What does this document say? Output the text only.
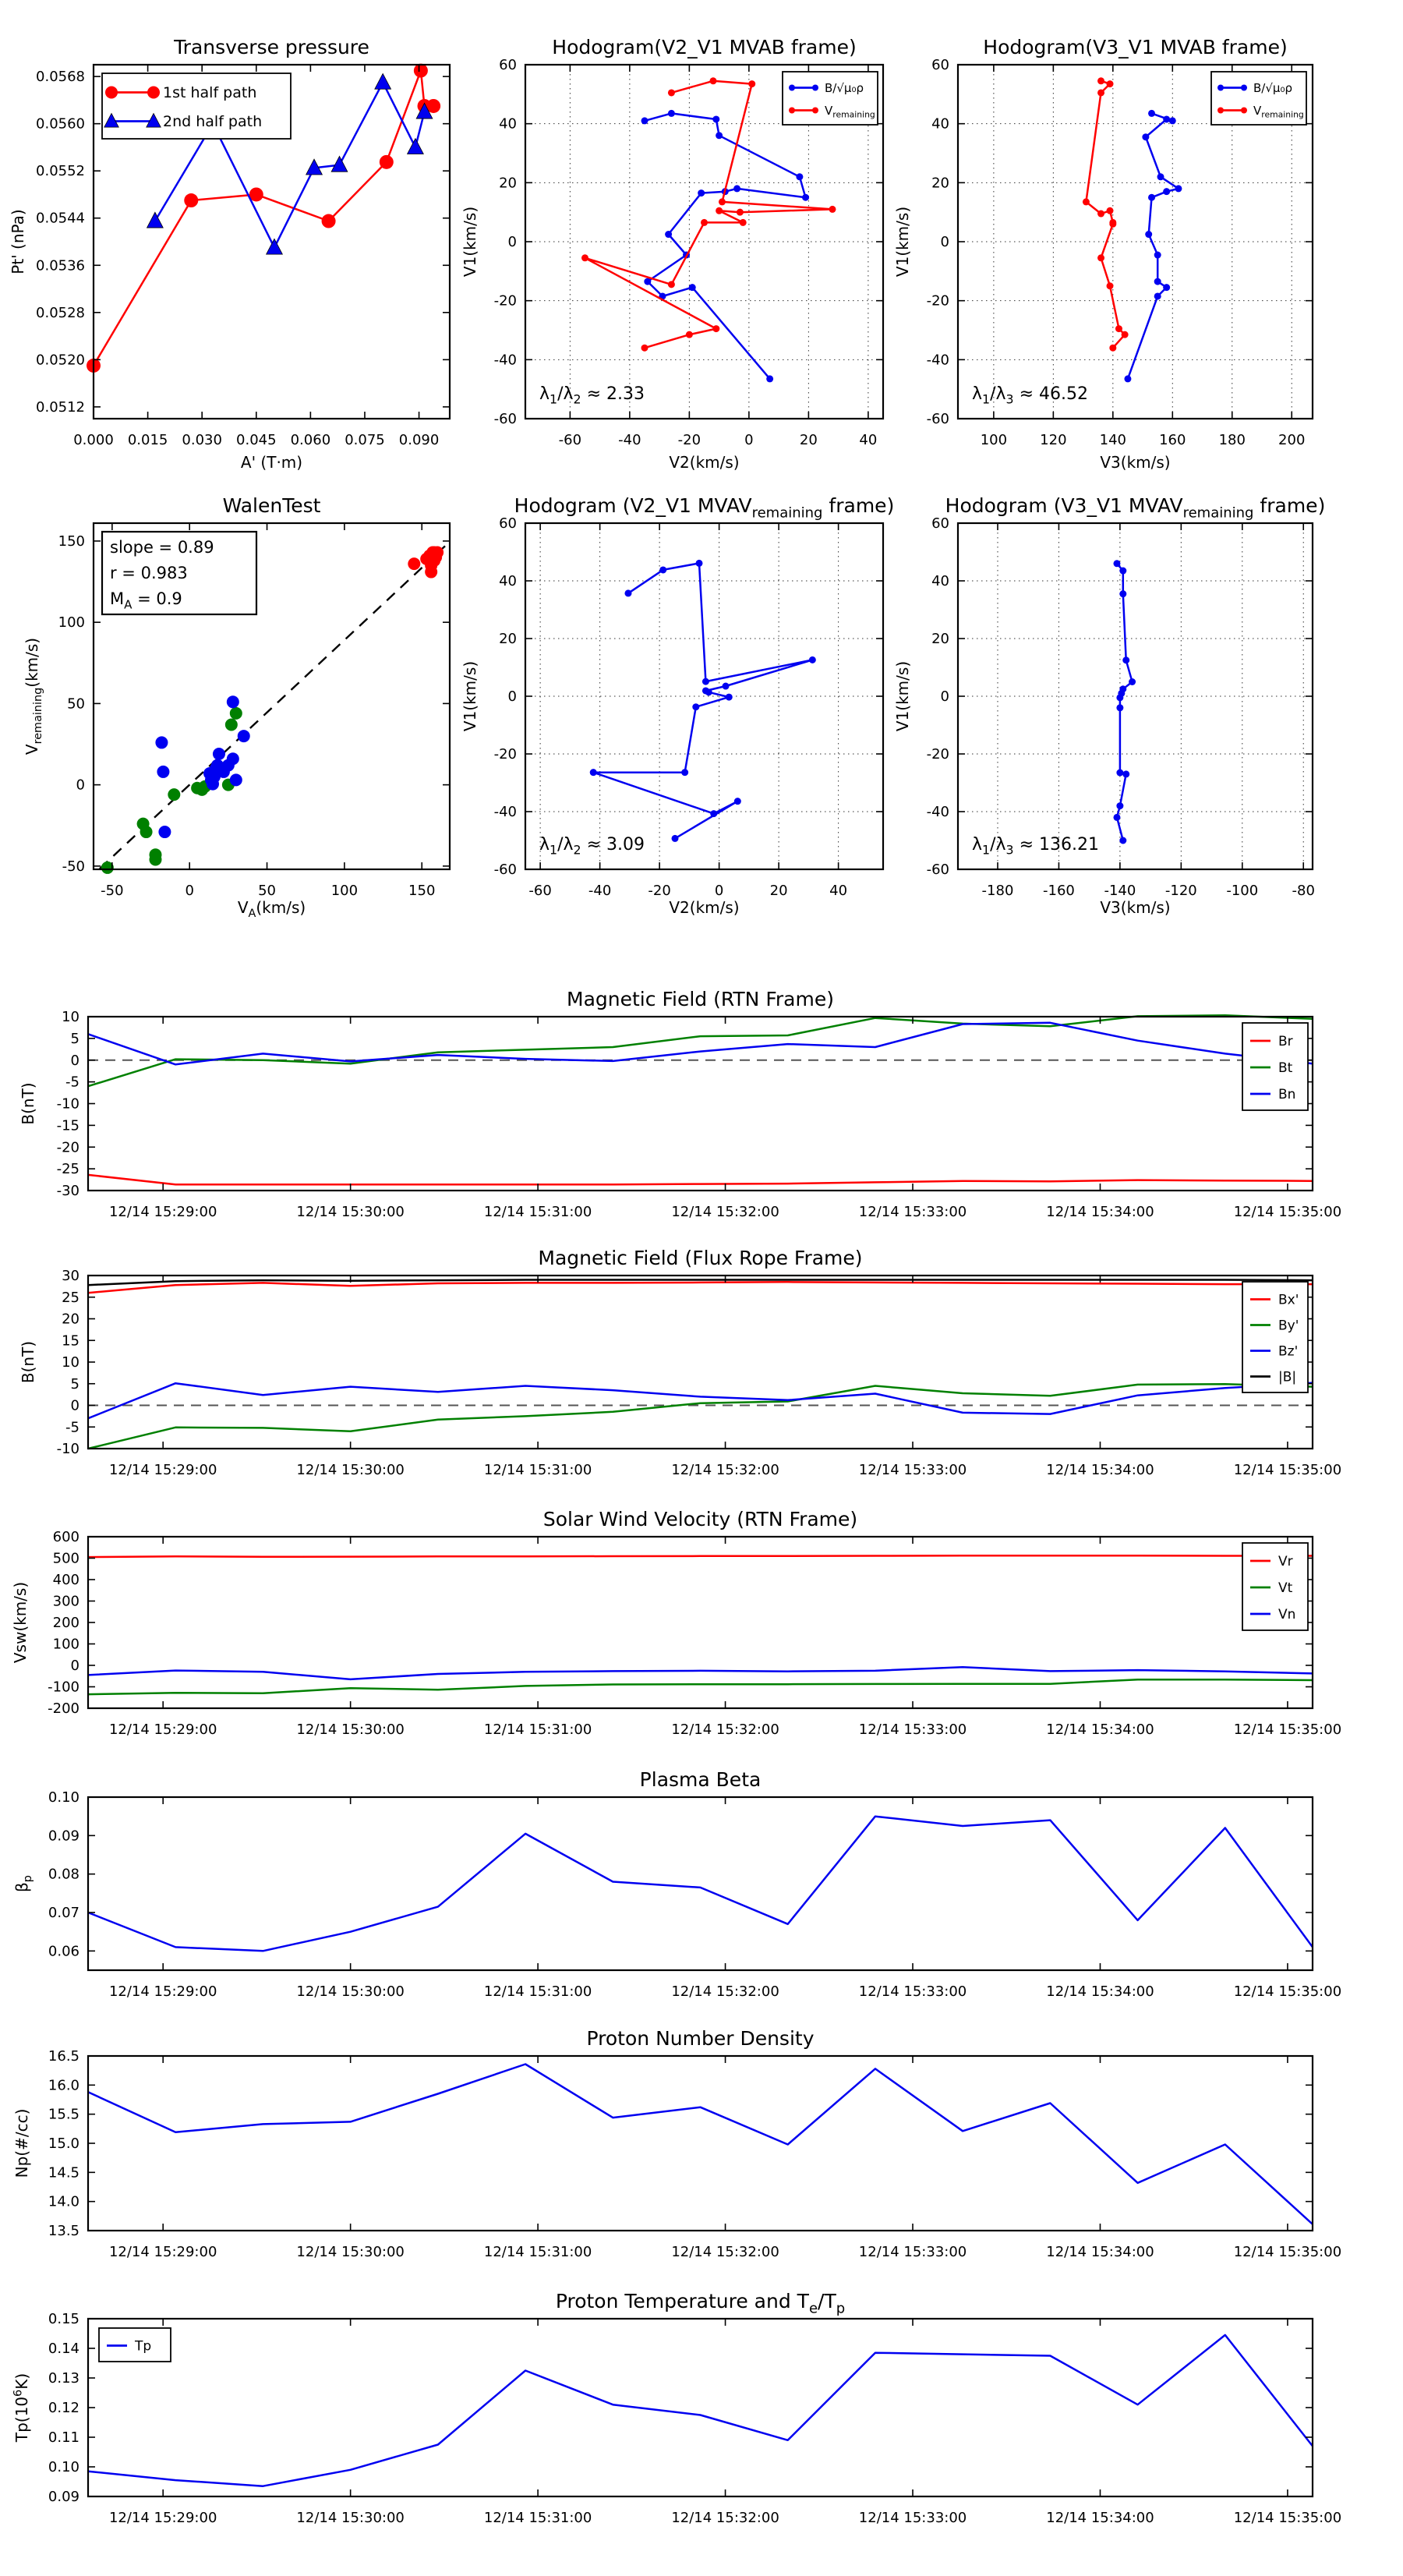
0.000 0.015 0.030 0.045 0.060 0.075 0.090
0.0512
0.0520
0.0528
0.0536
0.0544
0.0552
0.0560
0.0568
Transverse pressure
A' (T·m)
Pt' (nPa)
1st half path
2nd half path
-60	-40	-20	0	20	40
-60
-40
-20
0
20
40
60
Hodogram(V2_V1 MVAB frame)
V2(km/s)
V1(km/s)
B/√μ₀ρ
$V_{remaining}$
$\lambda_1/\lambda_2 \approx 2.33$
100 120 140 160 180 200
-60
-40
-20
0
20
40
60
Hodogram(V3_V1 MVAB frame)
V3(km/s)
V1(km/s)
B/√μ₀ρ
$V_{remaining}$
$\lambda_1/\lambda_3 \approx 46.52$
-50	0	50	100	150
-50
0
50
100
150
WalenTest
$V_A(km/s)$
$V_{remaining}(km/s)$
slope = 0.89
r = 0.983
$M_A = 0.9$
-60	-40	-20	0	20	40
-60
-40
-20
0
20
40
60
Hodogram (V2_V1 $MVAV_{remaining}$ frame)
V2(km/s)
V1(km/s)
$\lambda_1/\lambda_2 \approx 3.09$
-180 -160 -140 -120 -100 -80
-60
-40
-20
0
20
40
60
Hodogram (V3_V1 $MVAV_{remaining}$ frame)
V3(km/s)
V1(km/s)
$\lambda_1/\lambda_3 \approx 136.21$
12/14 15:29:00	12/14 15:30:00	12/14 15:31:00	12/14 15:32:00	12/14 15:33:00	12/14 15:34:00	12/14 15:35:00
-30
-25
-20
-15
-10
-5
0
5
10
Magnetic Field (RTN Frame)
B(nT)
Br
Bt
Bn
12/14 15:29:00	12/14 15:30:00	12/14 15:31:00	12/14 15:32:00	12/14 15:33:00	12/14 15:34:00	12/14 15:35:00
-10
-5
0
5
10
15
20
25
30
Magnetic Field (Flux Rope Frame)
B(nT)
Bx'
By'
Bz'
|B|
12/14 15:29:00	12/14 15:30:00	12/14 15:31:00	12/14 15:32:00	12/14 15:33:00	12/14 15:34:00	12/14 15:35:00
-200
-100
0
100
200
300
400
500
600
Solar Wind Velocity (RTN Frame)
Vsw(km/s)
Vr
Vt
Vn
12/14 15:29:00	12/14 15:30:00	12/14 15:31:00	12/14 15:32:00	12/14 15:33:00	12/14 15:34:00	12/14 15:35:00
0.06
0.07
0.08
0.09
0.10
Plasma Beta
$\beta_p$
12/14 15:29:00	12/14 15:30:00	12/14 15:31:00	12/14 15:32:00	12/14 15:33:00	12/14 15:34:00	12/14 15:35:00
13.5
14.0
14.5
15.0
15.5
16.0
16.5
Proton Number Density
Np(#/cc)
12/14 15:29:00	12/14 15:30:00	12/14 15:31:00	12/14 15:32:00	12/14 15:33:00	12/14 15:34:00	12/14 15:35:00
0.09
0.10
0.11
0.12
0.13
0.14
0.15
Proton Temperature and $T_e/T_p$
$Tp(10^6K)$
Tp
